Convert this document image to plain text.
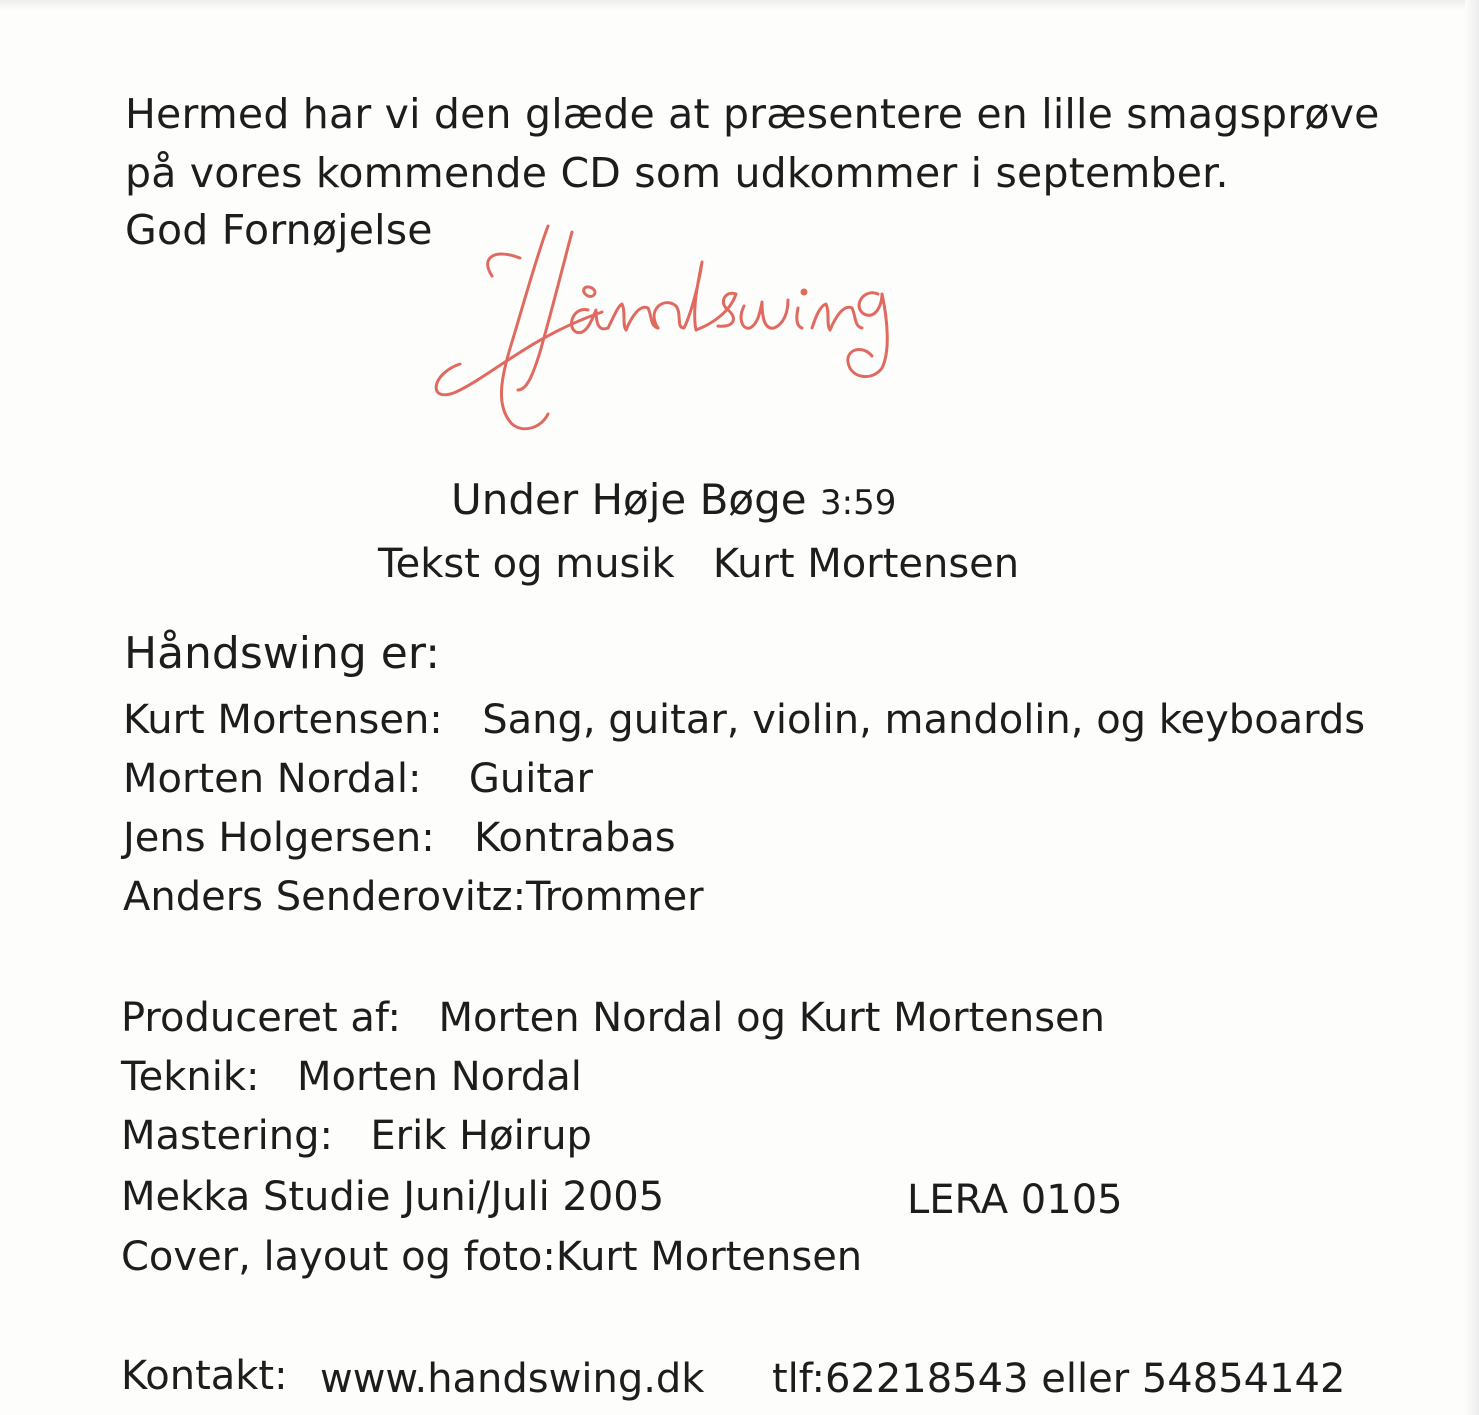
Hermed har vi den glæde at præsentere en lille smagsprøve
på vores kommende CD som udkommer i september.
God Fornøjelse
Under Høje Bøge 3:59
Tekst og musik Kurt Mortensen
Håndswing er:
Kurt Mortensen: Sang, guitar, violin, mandolin, og keyboards
Morten Nordal: Guitar
Jens Holgersen: Kontrabas
Anders Senderovitz:Trommer
Produceret af: Morten Nordal og Kurt Mortensen
Teknik: Morten Nordal
Mastering: Erik Høirup
Mekka Studie Juni/Juli 2005	LERA 0105
Cover, layout og foto:Kurt Mortensen
Kontakt: www.handswing.dk tlf:62218543 eller 54854142
